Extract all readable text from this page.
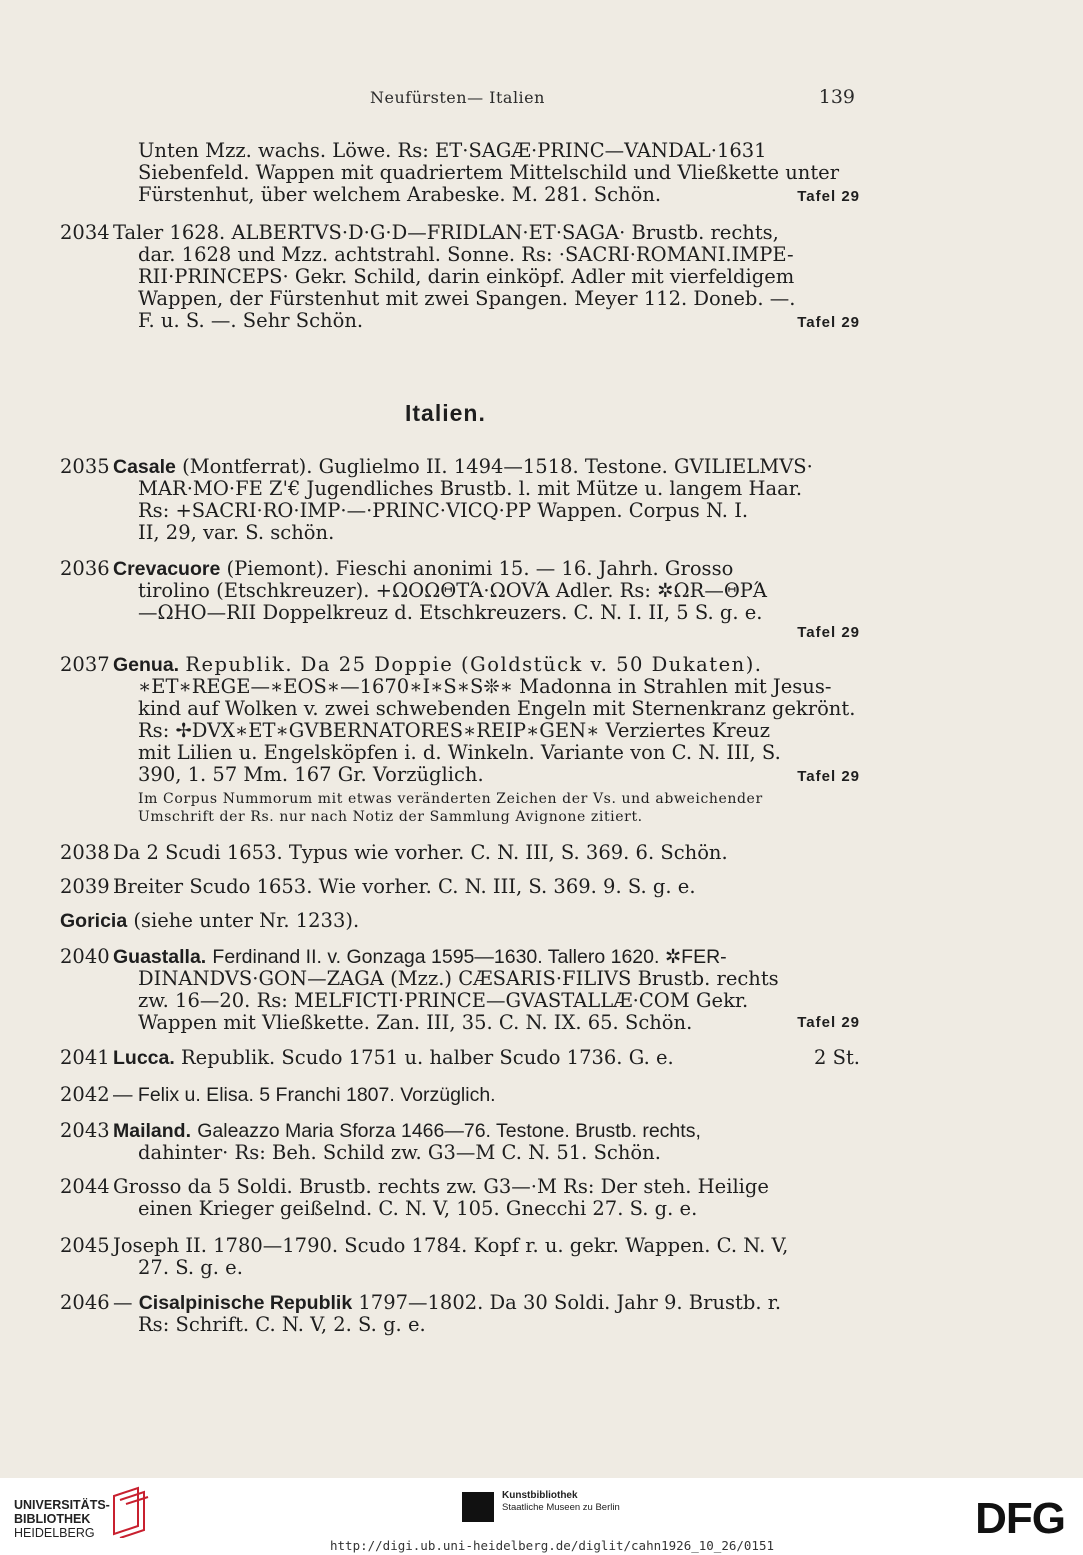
Neufürsten— Italien	139
Unten Mzz. wachs. Löwe. Rs: ET·SAGÆ·PRINC—VANDAL·1631
Siebenfeld. Wappen mit quadriertem Mittelschild und Vließkette unter
Fürstenhut, über welchem Arabeske. M. 281. Schön.	Tafel 29
2034 Taler 1628. ALBERTVS·D·G·D—FRIDLAN·ET·SAGA· Brustb. rechts,
dar. 1628 und Mzz. achtstrahl. Sonne. Rs: ·SACRI·ROMANI.IMPE-
RII·PRINCEPS· Gekr. Schild, darin einköpf. Adler mit vierfeldigem
Wappen, der Fürstenhut mit zwei Spangen. Meyer 112. Doneb. —.
F. u. S. —. Sehr Schön.	Tafel 29
Italien.
2035 Casale (Montferrat). Guglielmo II. 1494—1518. Testone. GVILIELMVS·
MAR·MO·FE Z'€ Jugendliches Brustb. l. mit Mütze u. langem Haar.
Rs: +SACRI·RO·IMP·—·PRINC·VICQ·PP Wappen. Corpus N. I.
II, 29, var. S. schön.
2036 Crevacuore (Piemont). Fieschi anonimi 15. — 16. Jahrh. Grosso
tirolino (Etschkreuzer). +ΩOΩΘTΆ·ΩOVΆ Adler. Rs: ✲ΩR—ΘPΆ
—ΩHO—RII Doppelkreuz d. Etschkreuzers. C. N. I. II, 5 S. g. e.
Tafel 29
2037 Genua. Republik. Da 25 Doppie (Goldstück v. 50 Dukaten).
∗ET∗REGE—∗EOS∗—1670∗I∗S∗S❊∗ Madonna in Strahlen mit Jesus-
kind auf Wolken v. zwei schwebenden Engeln mit Sternenkranz gekrönt.
Rs: ✢DVX∗ET∗GVBERNATORES∗REIP∗GEN∗ Verziertes Kreuz
mit Lilien u. Engelsköpfen i. d. Winkeln. Variante von C. N. III, S.
390, 1. 57 Mm. 167 Gr. Vorzüglich.	Tafel 29
Im Corpus Nummorum mit etwas veränderten Zeichen der Vs. und abweichender
Umschrift der Rs. nur nach Notiz der Sammlung Avignone zitiert.
2038 Da 2 Scudi 1653. Typus wie vorher. C. N. III, S. 369. 6. Schön.
2039 Breiter Scudo 1653. Wie vorher. C. N. III, S. 369. 9. S. g. e.
Goricia (siehe unter Nr. 1233).
2040 Guastalla. Ferdinand II. v. Gonzaga 1595—1630. Tallero 1620. ✲FER-
DINANDVS·GON—ZAGA (Mzz.) CÆSARIS·FILIVS Brustb. rechts
zw. 16—20. Rs: MELFICTI·PRINCE—GVASTALLÆ·COM Gekr.
Wappen mit Vließkette. Zan. III, 35. C. N. IX. 65. Schön.	Tafel 29
2041 Lucca. Republik. Scudo 1751 u. halber Scudo 1736. G. e.	2 St.
2042 — Felix u. Elisa. 5 Franchi 1807. Vorzüglich.
2043 Mailand. Galeazzo Maria Sforza 1466—76. Testone. Brustb. rechts,
dahinter· Rs: Beh. Schild zw. G3—M C. N. 51. Schön.
2044 Grosso da 5 Soldi. Brustb. rechts zw. G3—·M Rs: Der steh. Heilige
einen Krieger geißelnd. C. N. V, 105. Gnecchi 27. S. g. e.
2045 Joseph II. 1780—1790. Scudo 1784. Kopf r. u. gekr. Wappen. C. N. V,
27. S. g. e.
2046 — Cisalpinische Republik 1797—1802. Da 30 Soldi. Jahr 9. Brustb. r.
Rs: Schrift. C. N. V, 2. S. g. e.
UNIVERSITÄTS-
BIBLIOTHEK
HEIDELBERG
Kunstbibliothek
Staatliche Museen zu Berlin	DFG
http://digi.ub.uni-heidelberg.de/diglit/cahn1926_10_26/0151
